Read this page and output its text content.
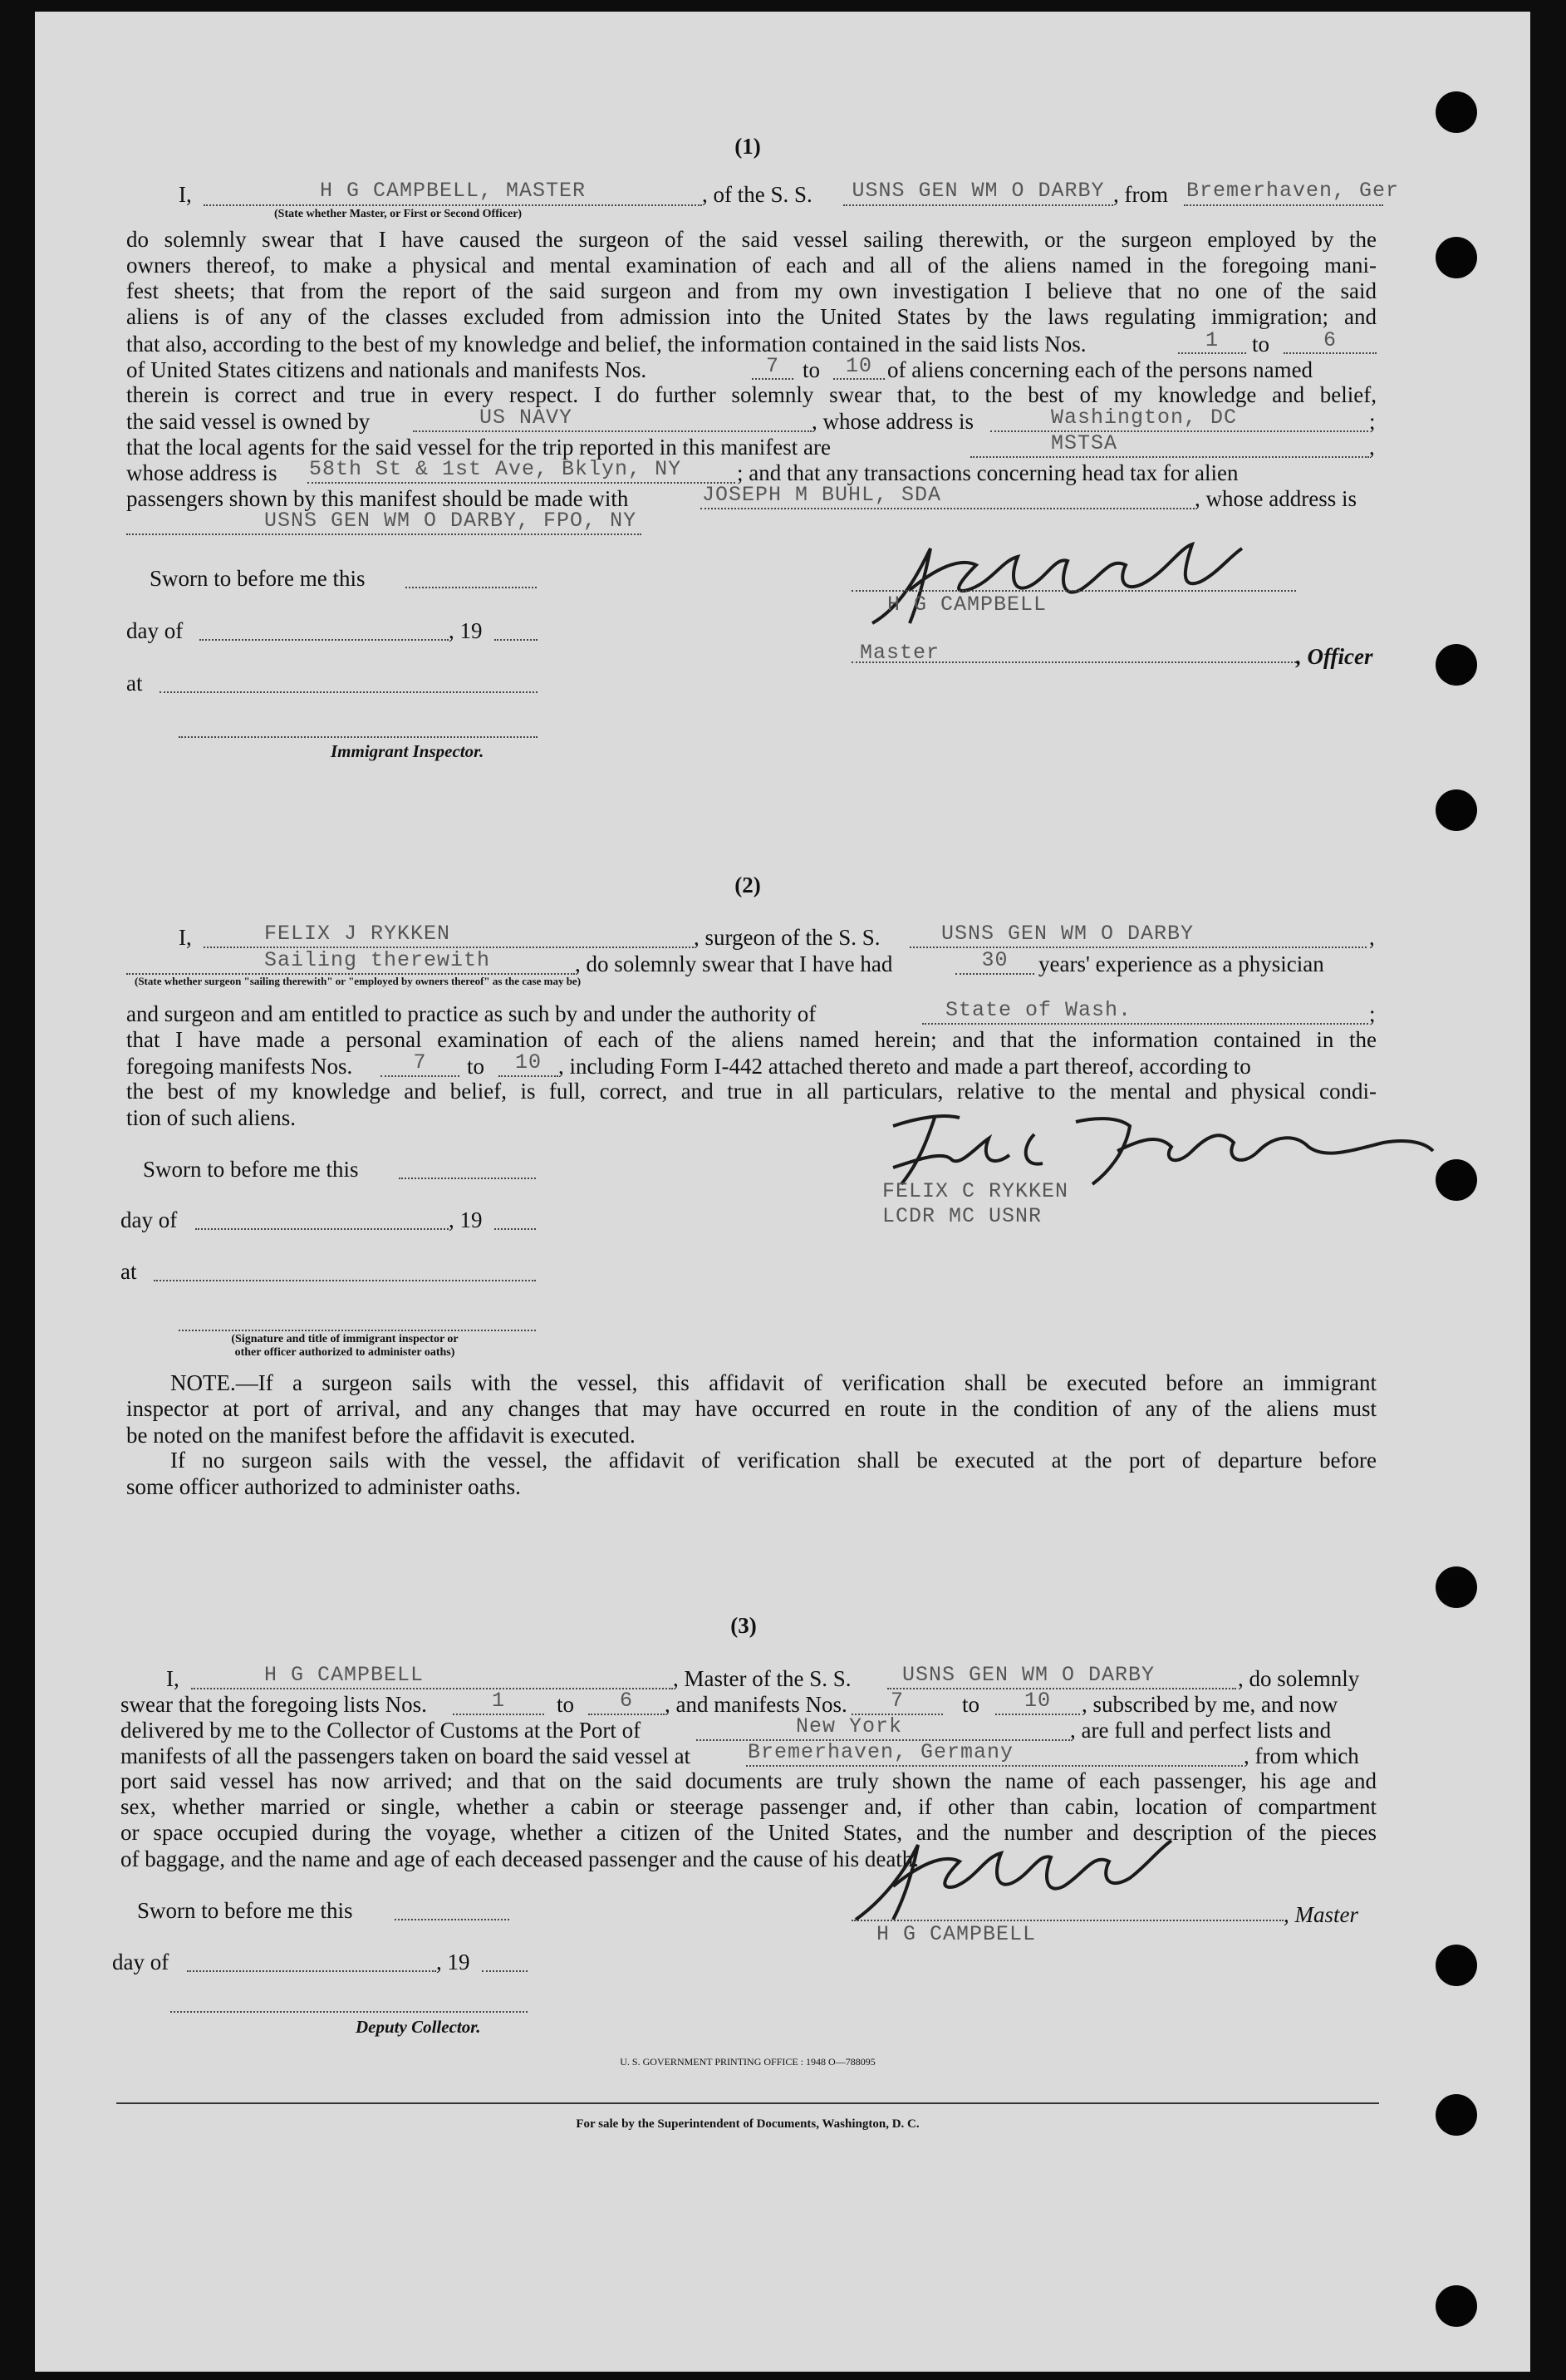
(1)
I,	H G CAMPBELL, MASTER
(State whether Master, or First or Second Officer)
, of the S. S.	USNS GEN WM O DARBY , from Bremerhaven, Ger
do solemnly swear that I have caused the surgeon of the said vessel sailing therewith, or the surgeon employed by the
owners thereof, to make a physical and mental examination of each and all of the aliens named in the foregoing mani-
fest sheets; that from the report of the said surgeon and from my own investigation I believe that no one of the said
aliens is of any of the classes excluded from admission into the United States by the laws regulating immigration; and
that also, according to the best of my knowledge and belief, the information contained in the said lists Nos.	1	to	6
of United States citizens and nationals and manifests Nos.	7	to	10 of aliens concerning each of the persons named
therein is correct and true in every respect. I do further solemnly swear that, to the best of my knowledge and belief,
the said vessel is owned by	US NAVY	, whose address is	Washington, DC	;
that the local agents for the said vessel for the trip reported in this manifest are	MSTSA	,
whose address is 58th St & 1st Ave, Bklyn, NY ; and that any transactions concerning head tax for alien
passengers shown by this manifest should be made with	JOSEPH M BUHL, SDA	, whose address is
USNS GEN WM O DARBY, FPO, NY
Sworn to before me this
day of	, 19
at
Immigrant Inspector.
H G CAMPBELL
Master	, Officer
(2)
I,	FELIX J RYKKEN	, surgeon of the S. S.	USNS GEN WM O DARBY	,
Sailing therewith	, do solemnly swear that I have had	30	years' experience as a physician
(State whether surgeon "sailing therewith" or "employed by owners thereof" as the case may be)
and surgeon and am entitled to practice as such by and under the authority of	State of Wash.	;
that I have made a personal examination of each of the aliens named herein; and that the information contained in the
foregoing manifests Nos.	7	to	10 , including Form I-442 attached thereto and made a part thereof, according to
the best of my knowledge and belief, is full, correct, and true in all particulars, relative to the mental and physical condi-
tion of such aliens.
Sworn to before me this
day of	, 19
at
(Signature and title of immigrant inspector or
other officer authorized to administer oaths)
FELIX C RYKKEN
LCDR MC USNR
NOTE.—If a surgeon sails with the vessel, this affidavit of verification shall be executed before an immigrant
inspector at port of arrival, and any changes that may have occurred en route in the condition of any of the aliens must
be noted on the manifest before the affidavit is executed.
If no surgeon sails with the vessel, the affidavit of verification shall be executed at the port of departure before
some officer authorized to administer oaths.
(3)
I,	H G CAMPBELL	, Master of the S. S.	USNS GEN WM O DARBY	, do solemnly
swear that the foregoing lists Nos.	1	to	6	, and manifests Nos.	7	to	10	, subscribed by me, and now
delivered by me to the Collector of Customs at the Port of	New York	, are full and perfect lists and
manifests of all the passengers taken on board the said vessel at	Bremerhaven, Germany	, from which
port said vessel has now arrived; and that on the said documents are truly shown the name of each passenger, his age and
sex, whether married or single, whether a cabin or steerage passenger and, if other than cabin, location of compartment
or space occupied during the voyage, whether a citizen of the United States, and the number and description of the pieces
of baggage, and the name and age of each deceased passenger and the cause of his death.
Sworn to before me this
day of	, 19
Deputy Collector.
H G CAMPBELL
, Master
U. S. GOVERNMENT PRINTING OFFICE : 1948 O—788095
For sale by the Superintendent of Documents, Washington, D. C.
